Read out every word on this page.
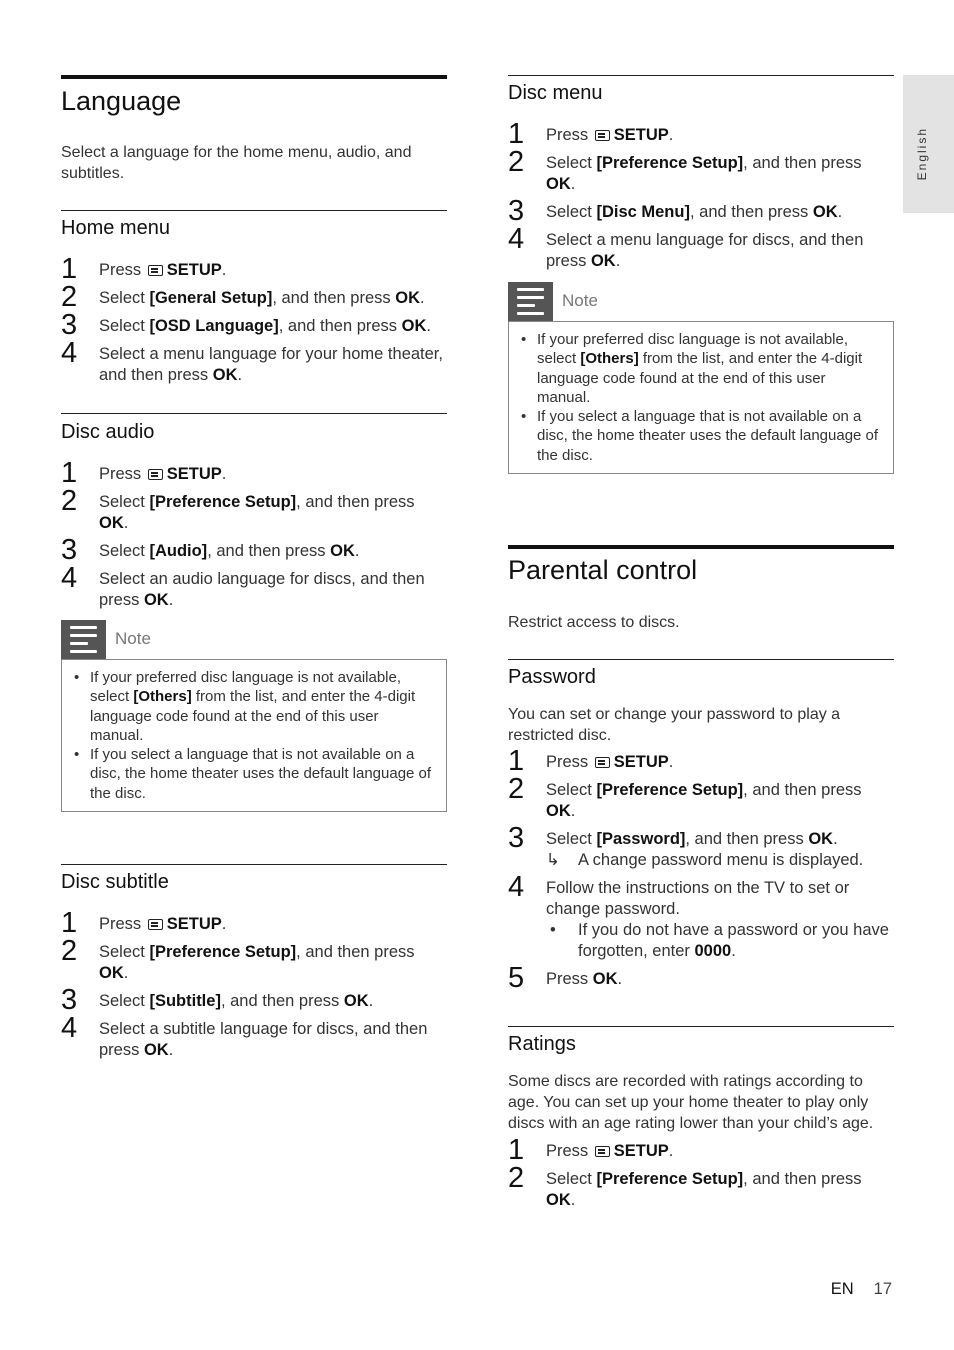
English
Language
Select a language for the home menu, audio, and subtitles.
Home menu
1 Press SETUP.
2 Select [General Setup], and then press OK.
3 Select [OSD Language], and then press OK.
4 Select a menu language for your home theater, and then press OK.
Disc audio
1 Press SETUP.
2 Select [Preference Setup], and then press OK.
3 Select [Audio], and then press OK.
4 Select an audio language for discs, and then press OK.
Note
• If your preferred disc language is not available, select [Others] from the list, and enter the 4-digit language code found at the end of this user manual.
• If you select a language that is not available on a disc, the home theater uses the default language of the disc.
Disc subtitle
1 Press SETUP.
2 Select [Preference Setup], and then press OK.
3 Select [Subtitle], and then press OK.
4 Select a subtitle language for discs, and then press OK.
Disc menu
1 Press SETUP.
2 Select [Preference Setup], and then press OK.
3 Select [Disc Menu], and then press OK.
4 Select a menu language for discs, and then press OK.
Note
• If your preferred disc language is not available, select [Others] from the list, and enter the 4-digit language code found at the end of this user manual.
• If you select a language that is not available on a disc, the home theater uses the default language of the disc.
Parental control
Restrict access to discs.
Password
You can set or change your password to play a restricted disc.
1 Press SETUP.
2 Select [Preference Setup], and then press OK.
3 Select [Password], and then press OK.
↳ A change password menu is displayed.
4 Follow the instructions on the TV to set or change password.
• If you do not have a password or you have forgotten, enter 0000.
5 Press OK.
Ratings
Some discs are recorded with ratings according to age. You can set up your home theater to play only discs with an age rating lower than your child’s age.
1 Press SETUP.
2 Select [Preference Setup], and then press OK.
EN 17
